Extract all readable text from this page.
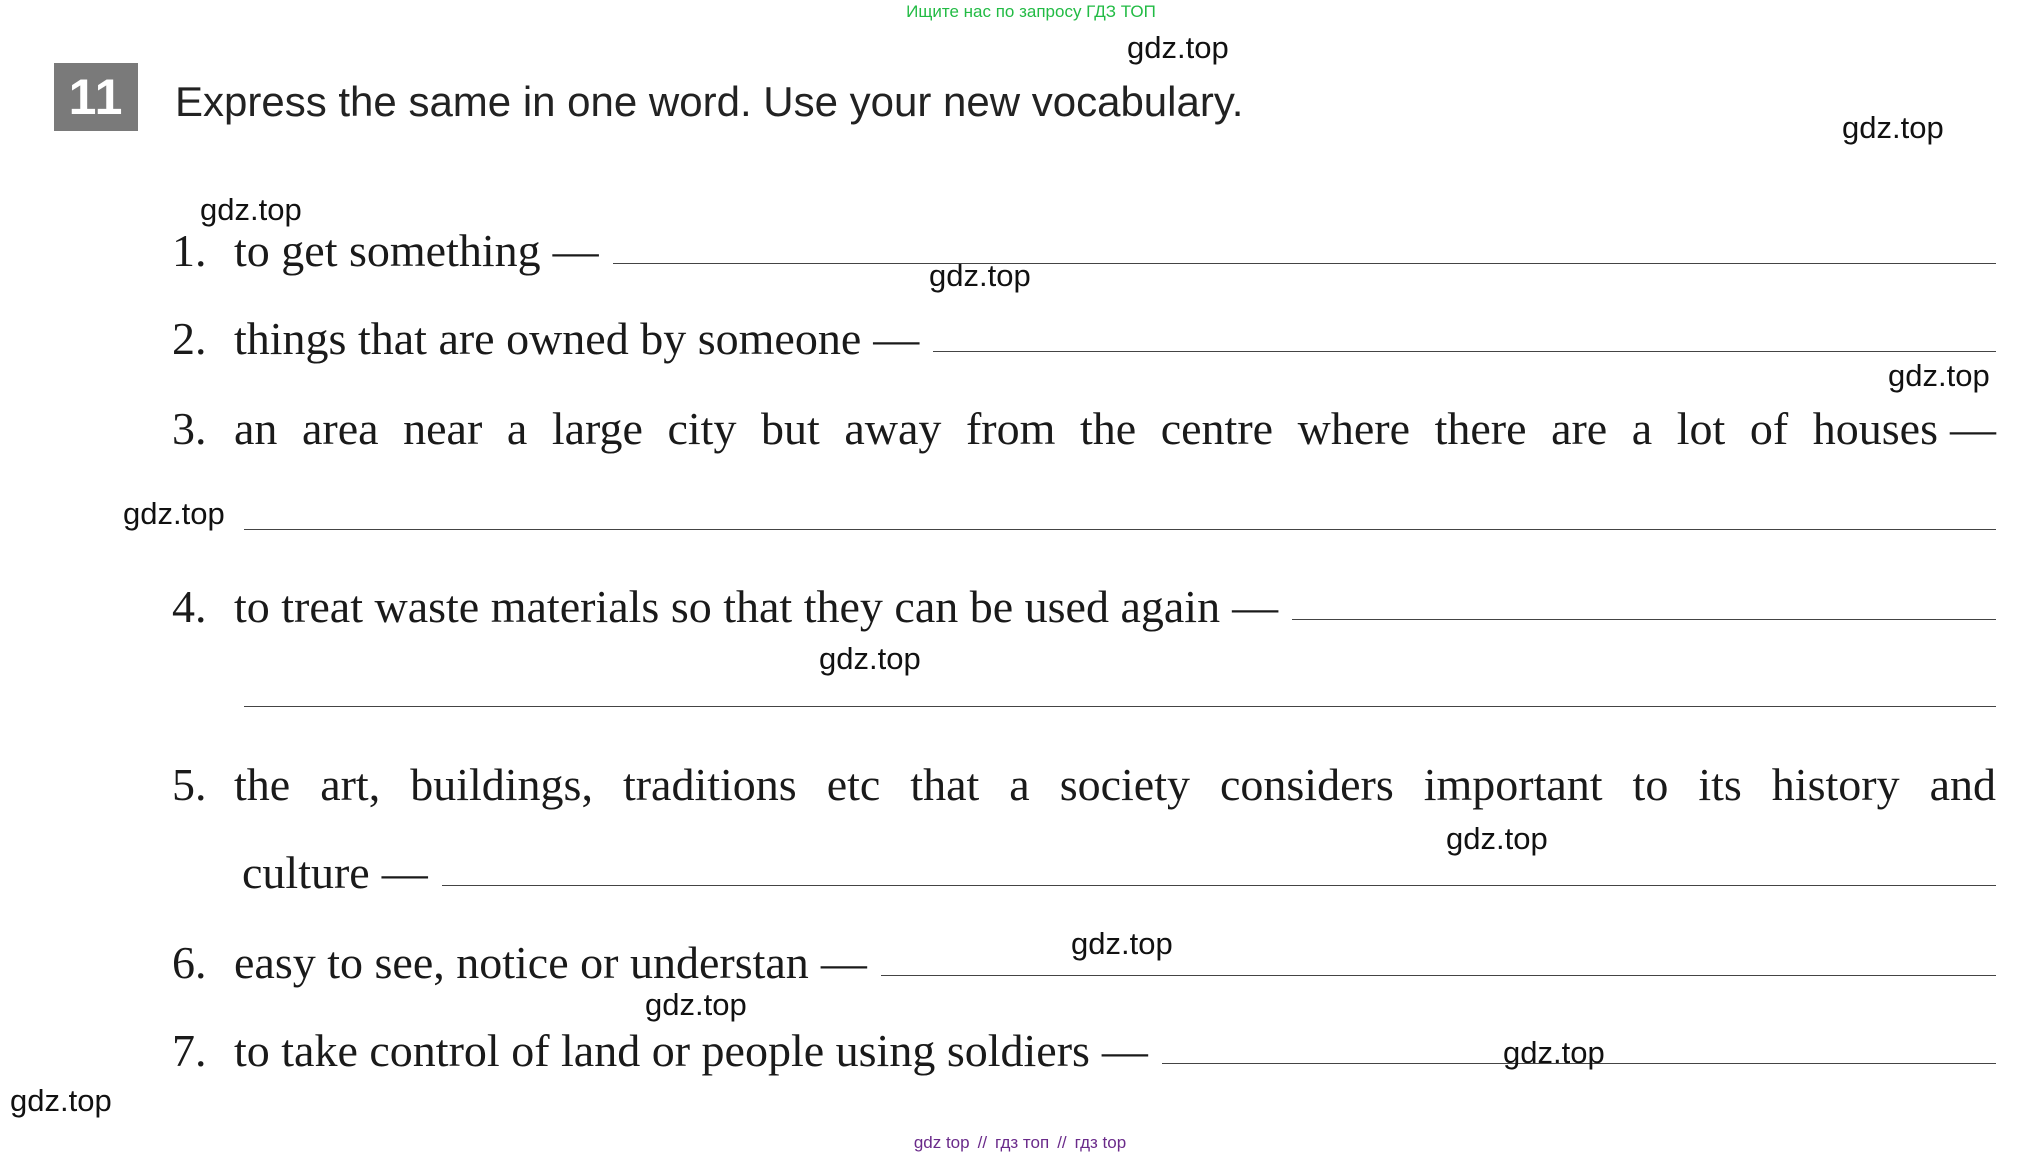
Ищите нас по запросу ГДЗ ТОП
11	Express the same in one word. Use your new vocabulary.
1. to get something —
2. things that are owned by someone —
3. an area near a large city but away from the centre where there are a lot of houses —
4. to treat waste materials so that they can be used again —
5. the art, buildings, traditions etc that a society considers important to its history and
culture —
6. easy to see, notice or understan —
7. to take control of land or people using soldiers —
gdz.top
gdz.top
gdz.top
gdz.top
gdz.top
gdz.top
gdz.top
gdz.top
gdz.top
gdz.top
gdz.top
gdz.top
gdz top // гдз топ // гдз top
